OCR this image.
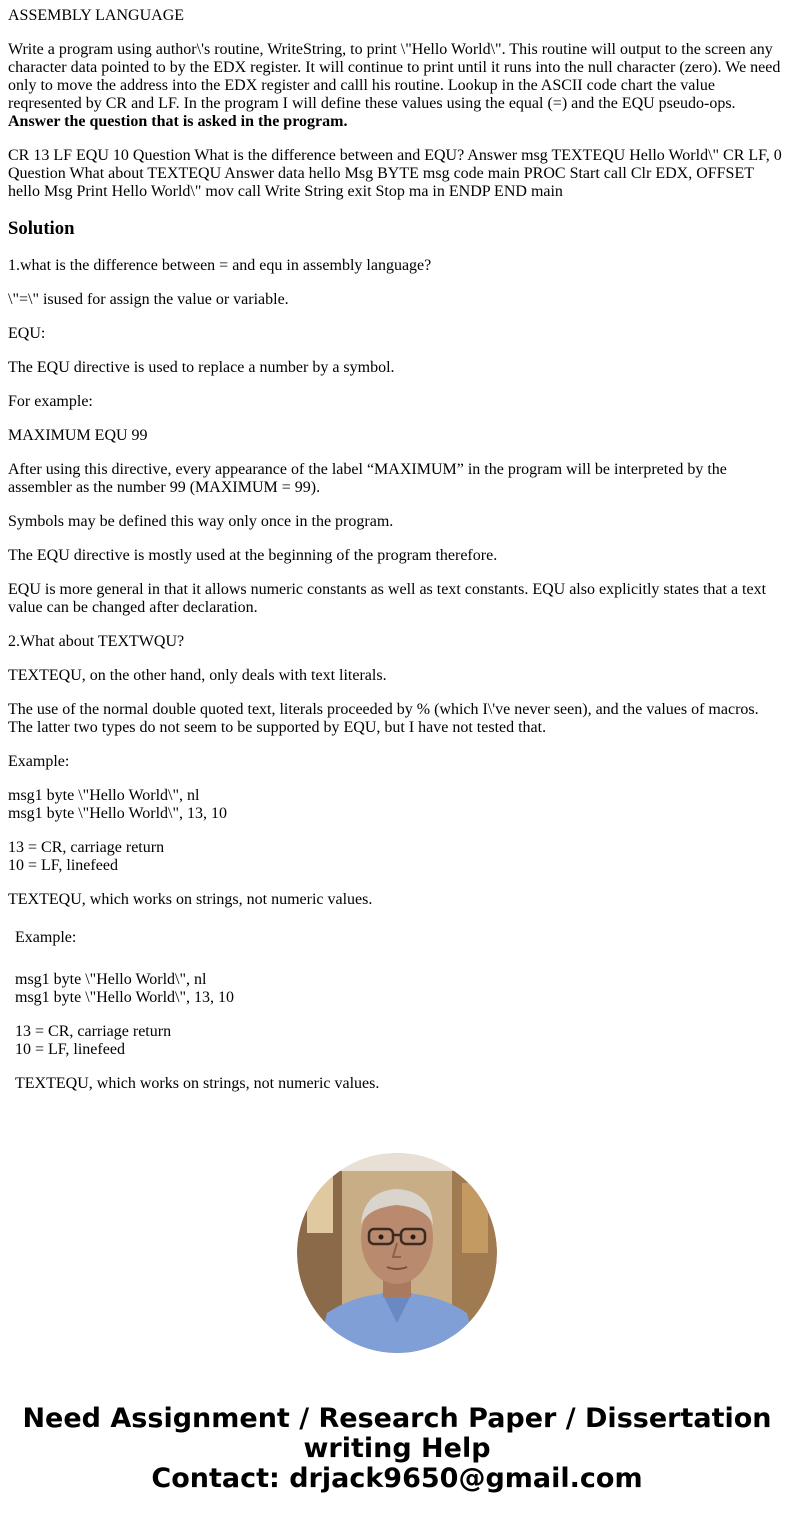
ASSEMBLY LANGUAGE

Write a program using author\'s routine, WriteString, to print \"Hello World\". This routine will output to the screen any character data pointed to by the EDX register. It will continue to print until it runs into the null character (zero). We need only to move the address into the EDX register and calll his routine. Lookup in the ASCII code chart the value reqresented by CR and LF. In the program I will define these values using the equal (=) and the EQU pseudo-ops.
Answer the question that is asked in the program.

CR 13 LF EQU 10 Question What is the difference between and EQU? Answer msg TEXTEQU Hello World\" CR LF, 0 Question What about TEXTEQU Answer data hello Msg BYTE msg code main PROC Start call Clr EDX, OFFSET hello Msg Print Hello World\" mov call Write String exit Stop ma in ENDP END main

Solution

1.what is the difference between = and equ in assembly language?

\"=\" isused for assign the value or variable.

EQU:

The EQU directive is used to replace a number by a symbol.

For example:

MAXIMUM EQU 99

After using this directive, every appearance of the label “MAXIMUM” in the program will be interpreted by the assembler as the number 99 (MAXIMUM = 99).

Symbols may be defined this way only once in the program.

The EQU directive is mostly used at the beginning of the program therefore.

EQU is more general in that it allows numeric constants as well as text constants. EQU also explicitly states that a text value can be changed after declaration.

2.What about TEXTWQU?

TEXTEQU, on the other hand, only deals with text literals.

The use of the normal double quoted text, literals proceeded by % (which I\'ve never seen), and the values of macros. The latter two types do not seem to be supported by EQU, but I have not tested that.

Example:

msg1 byte \"Hello World\", nl
msg1 byte \"Hello World\", 13, 10

13 = CR, carriage return
10 = LF, linefeed

TEXTEQU, which works on strings, not numeric values.

Example:

msg1 byte \"Hello World\", nl
msg1 byte \"Hello World\", 13, 10

13 = CR, carriage return
10 = LF, linefeed

TEXTEQU, which works on strings, not numeric values.

Need Assignment / Research Paper / Dissertation
writing Help
Contact: drjack9650@gmail.com
